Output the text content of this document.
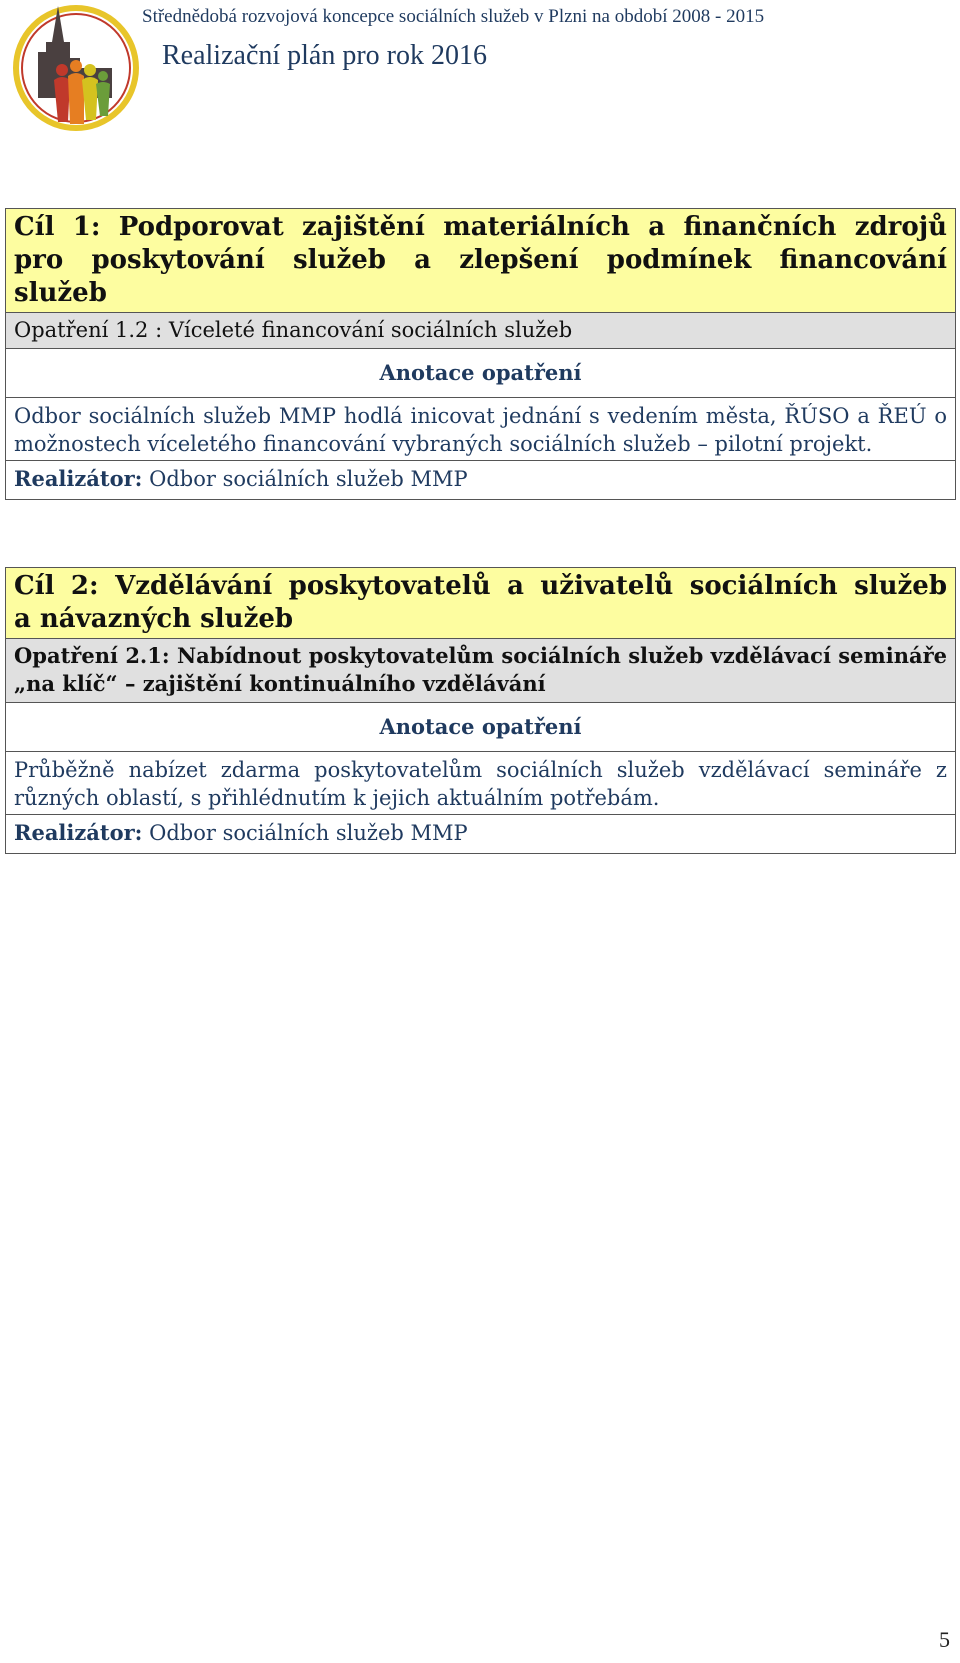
Střednědobá rozvojová koncepce sociálních služeb v Plzni na období 2008 - 2015
Realizační plán pro rok 2016
Cíl 1: Podporovat zajištění materiálních a finančních zdrojů
pro poskytování služeb a zlepšení podmínek financování
služeb

Opatření 1.2 : Víceleté financování sociálních služeb
Anotace opatření
Odbor sociálních služeb MMP hodlá inicovat jednání s vedením města, ŘÚSO a ŘEÚ o možnostech víceletého financování vybraných sociálních služeb – pilotní projekt.
Realizátor: Odbor sociálních služeb MMP
Cíl 2: Vzdělávání poskytovatelů a uživatelů sociálních služeb
a návazných služeb

Opatření 2.1: Nabídnout poskytovatelům sociálních služeb vzdělávací semináře „na klíč“ – zajištění kontinuálního vzdělávání
Anotace opatření
Průběžně nabízet zdarma poskytovatelům sociálních služeb vzdělávací semináře z různých oblastí, s přihlédnutím k jejich aktuálním potřebám.
Realizátor: Odbor sociálních služeb MMP
5
